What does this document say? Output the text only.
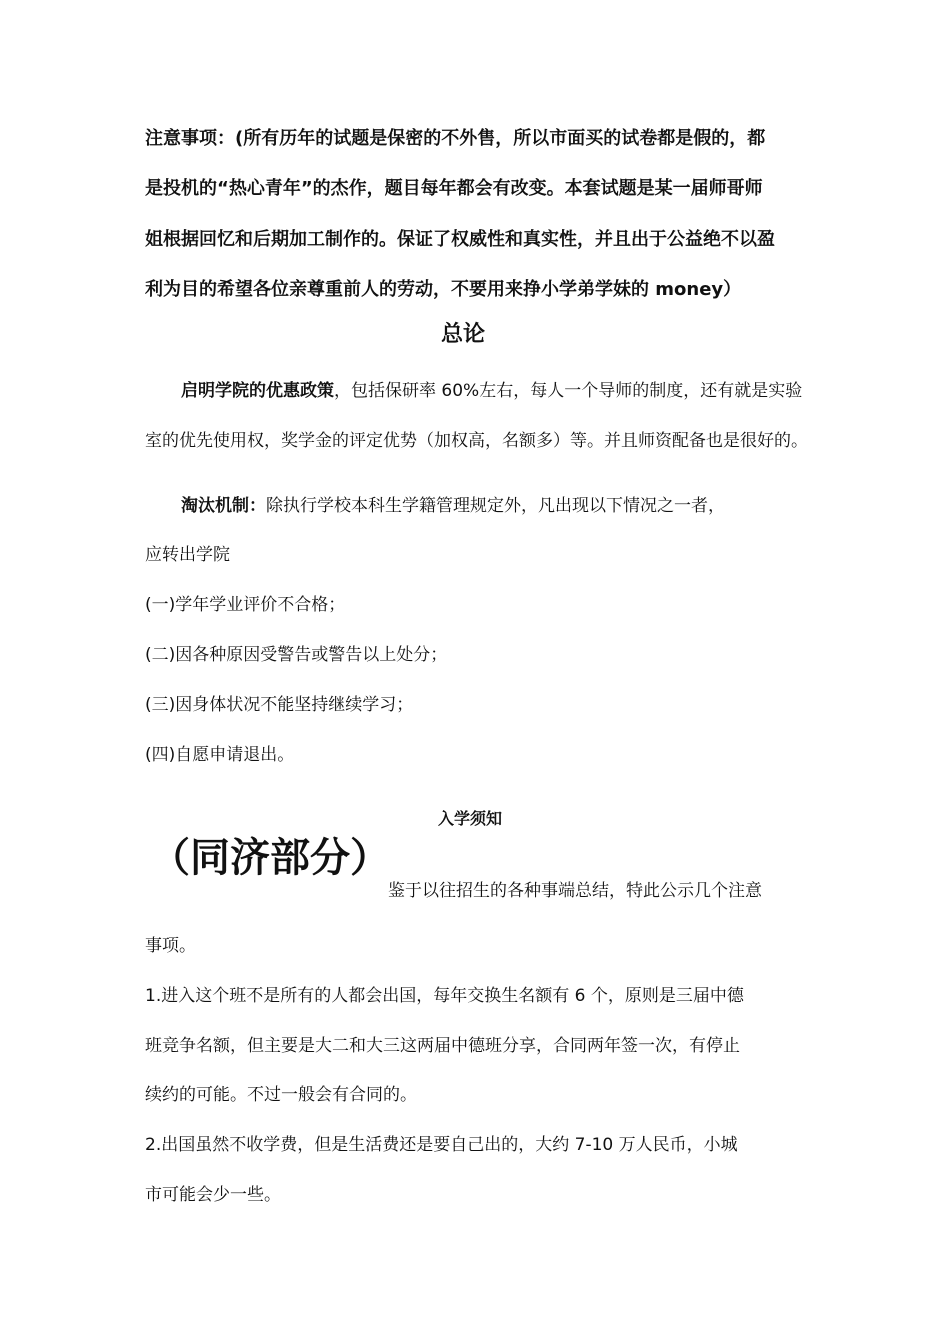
注意事项：(所有历年的试题是保密的不外售，所以市面买的试卷都是假的，都
是投机的“热心青年”的杰作，题目每年都会有改变。本套试题是某一届师哥师
姐根据回忆和后期加工制作的。保证了权威性和真实性，并且出于公益绝不以盈
利为目的希望各位亲尊重前人的劳动，不要用来挣小学弟学妹的 money）
总论
启明学院的优惠政策，包括保研率 60%左右，每人一个导师的制度，还有就是实验
室的优先使用权，奖学金的评定优势（加权高，名额多）等。并且师资配备也是很好的。
淘汰机制：除执行学校本科生学籍管理规定外，凡出现以下情况之一者，
应转出学院
(一)学年学业评价不合格；
(二)因各种原因受警告或警告以上处分；
(三)因身体状况不能坚持继续学习；
(四)自愿申请退出。
入学须知
（同济部分）
鉴于以往招生的各种事端总结，特此公示几个注意
事项。
1.进入这个班不是所有的人都会出国，每年交换生名额有 6 个，原则是三届中德
班竞争名额，但主要是大二和大三这两届中德班分享，合同两年签一次，有停止
续约的可能。不过一般会有合同的。
2.出国虽然不收学费，但是生活费还是要自己出的，大约 7-10 万人民币，小城
市可能会少一些。
